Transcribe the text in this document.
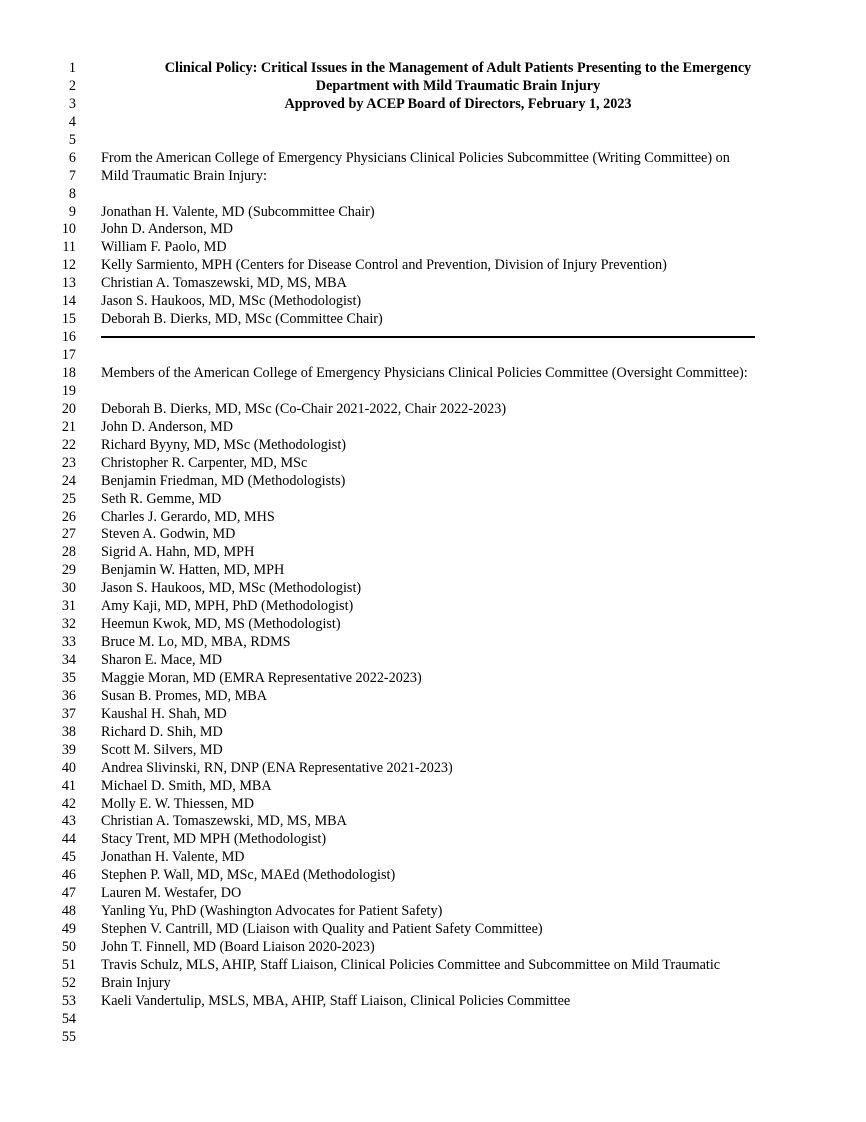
1	Clinical Policy: Critical Issues in the Management of Adult Patients Presenting to the Emergency
2	Department with Mild Traumatic Brain Injury
3	Approved by ACEP Board of Directors, February 1, 2023
4
5
6 From the American College of Emergency Physicians Clinical Policies Subcommittee (Writing Committee) on
7 Mild Traumatic Brain Injury:
8
9 Jonathan H. Valente, MD (Subcommittee Chair)
10 John D. Anderson, MD
11 William F. Paolo, MD
12 Kelly Sarmiento, MPH (Centers for Disease Control and Prevention, Division of Injury Prevention)
13 Christian A. Tomaszewski, MD, MS, MBA
14 Jason S. Haukoos, MD, MSc (Methodologist)
15 Deborah B. Dierks, MD, MSc (Committee Chair)
16
17
18 Members of the American College of Emergency Physicians Clinical Policies Committee (Oversight Committee):
19
20 Deborah B. Dierks, MD, MSc (Co-Chair 2021-2022, Chair 2022-2023)
21 John D. Anderson, MD
22 Richard Byyny, MD, MSc (Methodologist)
23 Christopher R. Carpenter, MD, MSc
24 Benjamin Friedman, MD (Methodologists)
25 Seth R. Gemme, MD
26 Charles J. Gerardo, MD, MHS
27 Steven A. Godwin, MD
28 Sigrid A. Hahn, MD, MPH
29 Benjamin W. Hatten, MD, MPH
30 Jason S. Haukoos, MD, MSc (Methodologist)
31 Amy Kaji, MD, MPH, PhD (Methodologist)
32 Heemun Kwok, MD, MS (Methodologist)
33 Bruce M. Lo, MD, MBA, RDMS
34 Sharon E. Mace, MD
35 Maggie Moran, MD (EMRA Representative 2022-2023)
36 Susan B. Promes, MD, MBA
37 Kaushal H. Shah, MD
38 Richard D. Shih, MD
39 Scott M. Silvers, MD
40 Andrea Slivinski, RN, DNP (ENA Representative 2021-2023)
41 Michael D. Smith, MD, MBA
42 Molly E. W. Thiessen, MD
43 Christian A. Tomaszewski, MD, MS, MBA
44 Stacy Trent, MD MPH (Methodologist)
45 Jonathan H. Valente, MD
46 Stephen P. Wall, MD, MSc, MAEd (Methodologist)
47 Lauren M. Westafer, DO
48 Yanling Yu, PhD (Washington Advocates for Patient Safety)
49 Stephen V. Cantrill, MD (Liaison with Quality and Patient Safety Committee)
50 John T. Finnell, MD (Board Liaison 2020-2023)
51 Travis Schulz, MLS, AHIP, Staff Liaison, Clinical Policies Committee and Subcommittee on Mild Traumatic
52 Brain Injury
53 Kaeli Vandertulip, MSLS, MBA, AHIP, Staff Liaison, Clinical Policies Committee
54
55
